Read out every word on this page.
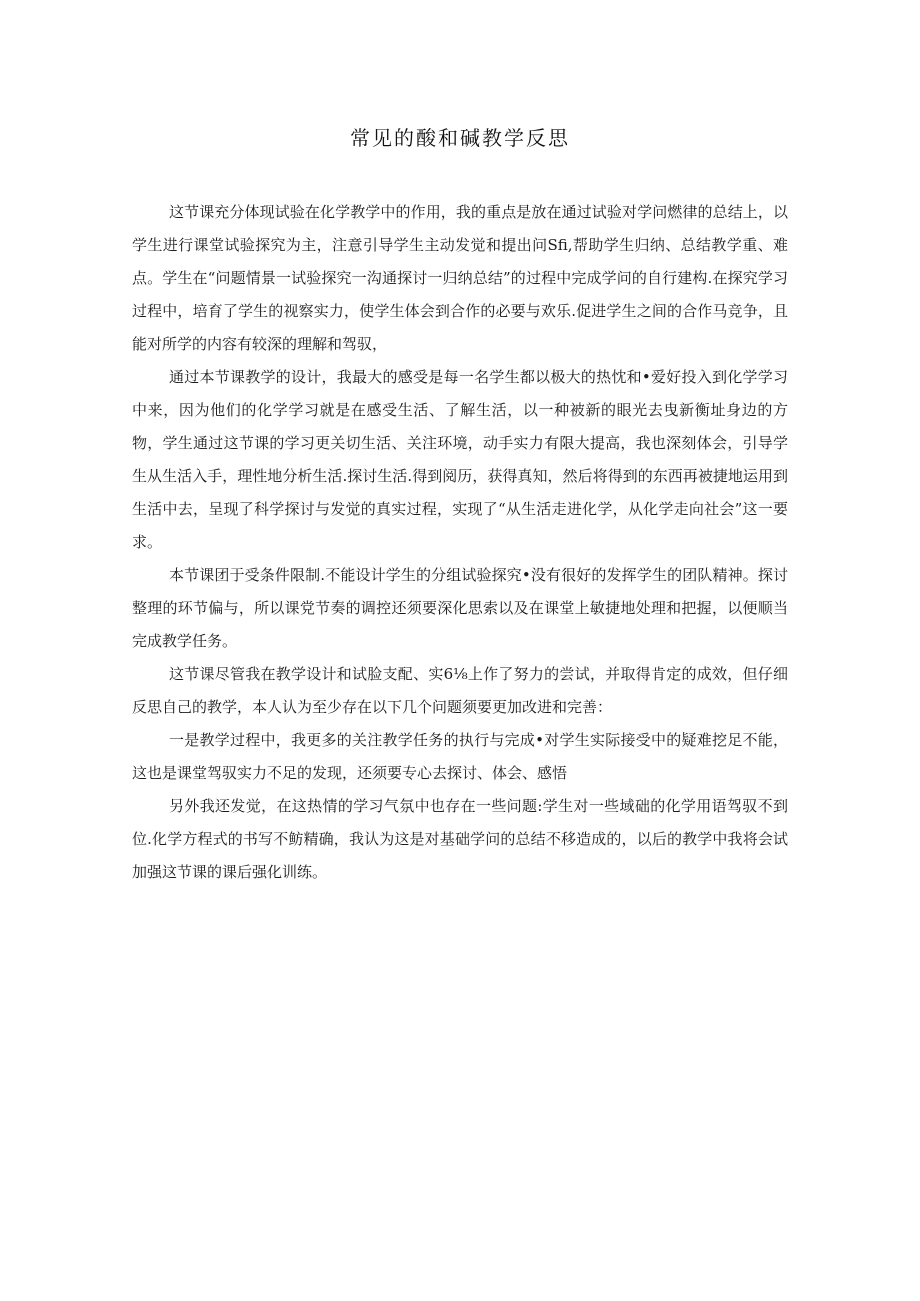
常见的酸和碱教学反思

这节课充分体现试验在化学教学中的作用，我的重点是放在通过试验对学问燃律的总结上，以学生进行课堂试验探究为主，注意引导学生主动发觉和提出问Sfi,帮助学生归纳、总结教学重、难点。学生在“问题情景一试验探究一沟通探讨一归纳总结”的过程中完成学问的自行建构.在探究学习过程中，培育了学生的视察实力，使学生体会到合作的必要与欢乐.促进学生之间的合作马竞争，且能对所学的内容有较深的理解和驾驭，

通过本节课教学的设计，我最大的感受是每一名学生都以极大的热忱和•爱好投入到化学学习中来，因为他们的化学学习就是在感受生活、了解生活，以一种被新的眼光去曳新衡址身边的方物，学生通过这节课的学习更关切生活、关注环境，动手实力有限大提高，我也深刻体会，引导学生从生活入手，理性地分析生活.探讨生活.得到阅历，获得真知，然后将得到的东西再被捷地运用到生活中去，呈现了科学探讨与发觉的真实过程，实现了“从生活走进化学，从化学走向社会”这一要求。

本节课团于受条件限制.不能设计学生的分组试验探究•没有很好的发挥学生的团队精神。探讨整理的环节偏与，所以课党节奏的调控还须要深化思索以及在课堂上敏捷地处理和把握，以便顺当完成教学任务。

这节课尽管我在教学设计和试脸支配、实6⅛上作了努力的尝试，并取得肯定的成效，但仔细反思自己的教学，本人认为至少存在以下几个问题须要更加改进和完善：

一是教学过程中，我更多的关注教学任务的执行与完成•对学生实际接受中的疑难挖足不能，这也是课堂驾驭实力不足的发现，还须要专心去探讨、体会、感悟

另外我还发觉，在这热情的学习气氛中也存在一些问题:学生对一些域础的化学用语驾驭不到位.化学方程式的书写不鲂精确，我认为这是对基础学问的总结不移造成的，以后的教学中我将会试加强这节课的课后强化训练。
